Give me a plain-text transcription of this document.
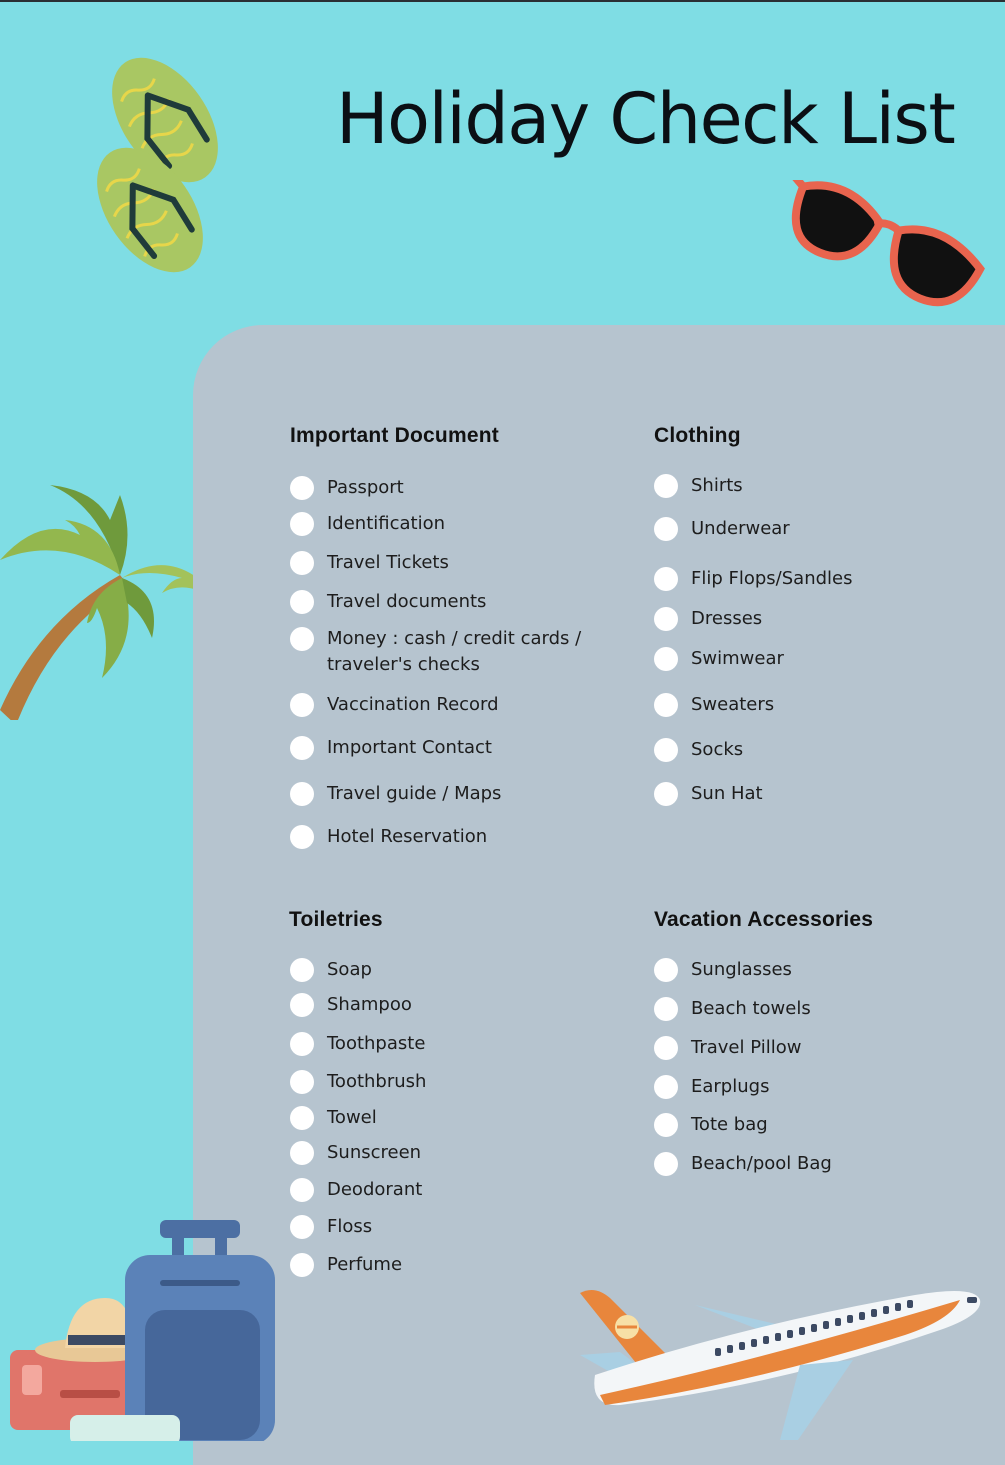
Holiday Check List
Important Document
Passport
Identification
Travel Tickets
Travel documents
Money : cash / credit cards /
traveler's checks
Vaccination Record
Important Contact
Travel guide / Maps
Hotel Reservation
Clothing
Shirts
Underwear
Flip Flops/Sandles
Dresses
Swimwear
Sweaters
Socks
Sun Hat
Toiletries
Soap
Shampoo
Toothpaste
Toothbrush
Towel
Sunscreen
Deodorant
Floss
Perfume
Vacation Accessories
Sunglasses
Beach towels
Travel Pillow
Earplugs
Tote bag
Beach/pool Bag
